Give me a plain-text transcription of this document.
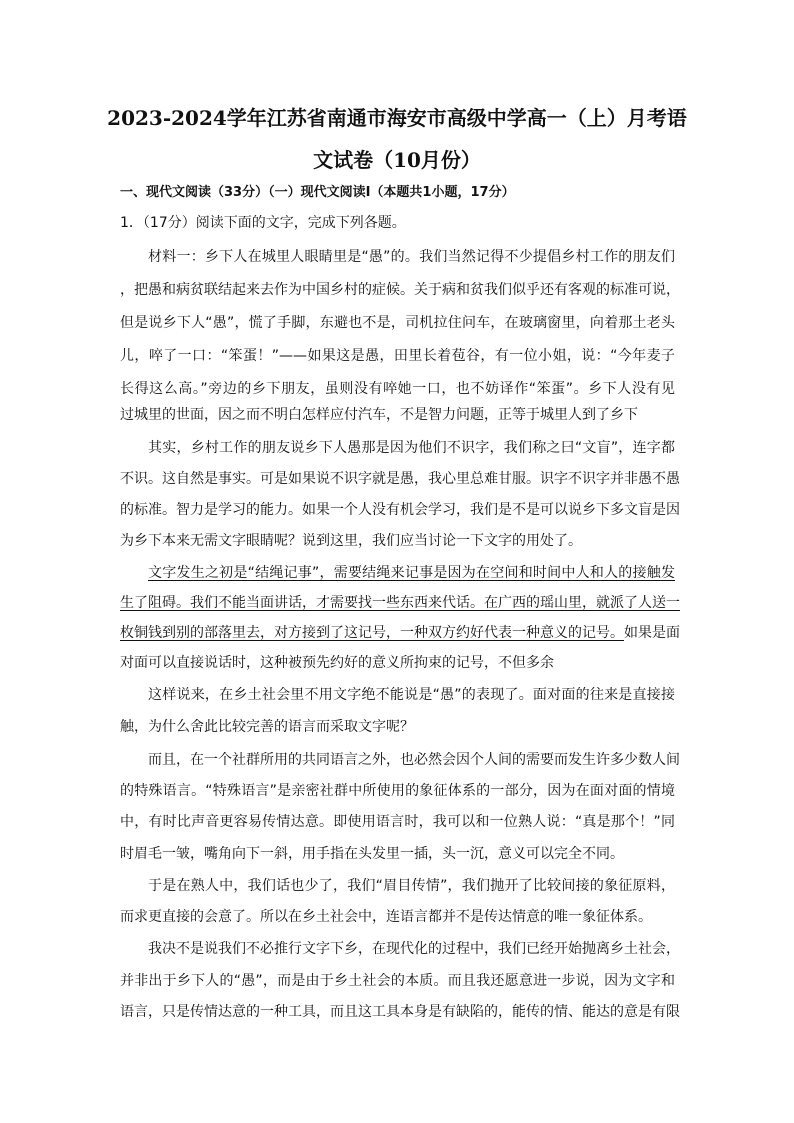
2023-2024学年江苏省南通市海安市高级中学高一（上）月考语
文试卷（10月份）

一、现代文阅读（33分）（一）现代文阅读I（本题共1小题，17分）

1．（17分）阅读下面的文字，完成下列各题。

材料一：乡下人在城里人眼睛里是“愚”的。我们当然记得不少提倡乡村工作的朋友们

，把愚和病贫联结起来去作为中国乡村的症候。关于病和贫我们似乎还有客观的标准可说，

但是说乡下人“愚”，慌了手脚，东避也不是，司机拉住问车，在玻璃窗里，向着那土老头

儿，啐了一口：“笨蛋！”——如果这是愚，田里长着苞谷，有一位小姐，说：“今年麦子

长得这么高。”旁边的乡下朋友，虽则没有啐她一口，也不妨译作“笨蛋”。乡下人没有见

过城里的世面，因之而不明白怎样应付汽车，不是智力问题，正等于城里人到了乡下

其实，乡村工作的朋友说乡下人愚那是因为他们不识字，我们称之曰“文盲”，连字都

不识。这自然是事实。可是如果说不识字就是愚，我心里总难甘服。识字不识字并非愚不愚

的标准。智力是学习的能力。如果一个人没有机会学习，我们是不是可以说乡下多文盲是因

为乡下本来无需文字眼睛呢？说到这里，我们应当讨论一下文字的用处了。

文字发生之初是“结绳记事”，需要结绳来记事是因为在空间和时间中人和人的接触发

生了阻碍。我们不能当面讲话，才需要找一些东西来代话。在广西的瑶山里，就派了人送一

枚铜钱到别的部落里去，对方接到了这记号，一种双方约好代表一种意义的记号。如果是面

对面可以直接说话时，这种被预先约好的意义所拘束的记号，不但多余

这样说来，在乡土社会里不用文字绝不能说是“愚”的表现了。面对面的往来是直接接

触，为什么舍此比较完善的语言而采取文字呢？

而且，在一个社群所用的共同语言之外，也必然会因个人间的需要而发生许多少数人间

的特殊语言。“特殊语言”是亲密社群中所使用的象征体系的一部分，因为在面对面的情境

中，有时比声音更容易传情达意。即使用语言时，我可以和一位熟人说：“真是那个！”同

时眉毛一皱，嘴角向下一斜，用手指在头发里一插，头一沉，意义可以完全不同。

于是在熟人中，我们话也少了，我们“眉目传情”，我们抛开了比较间接的象征原料，

而求更直接的会意了。所以在乡土社会中，连语言都并不是传达情意的唯一象征体系。

我决不是说我们不必推行文字下乡，在现代化的过程中，我们已经开始抛离乡土社会，

并非出于乡下人的“愚”，而是由于乡土社会的本质。而且我还愿意进一步说，因为文字和

语言，只是传情达意的一种工具，而且这工具本身是有缺陷的，能传的情、能达的意是有限
